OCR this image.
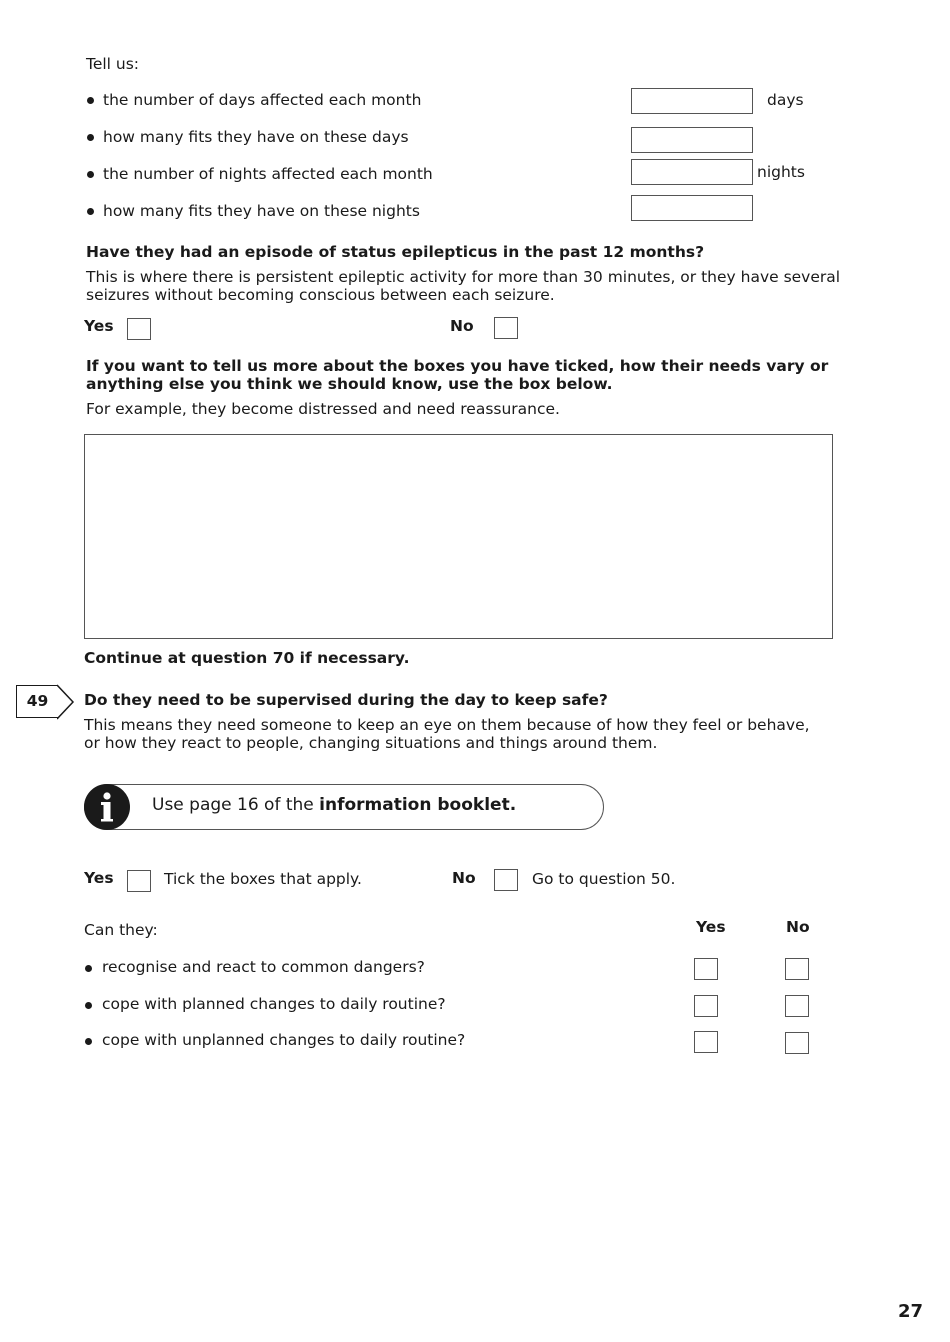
Tell us:
the number of days affected each month	days
how many fits they have on these days
the number of nights affected each month	nights
how many fits they have on these nights
Have they had an episode of status epilepticus in the past 12 months?
This is where there is persistent epileptic activity for more than 30 minutes, or they have several seizures without becoming conscious between each seizure.
Yes	No
If you want to tell us more about the boxes you have ticked, how their needs vary or anything else you think we should know, use the box below.
For example, they become distressed and need reassurance.
Continue at question 70 if necessary.
49	Do they need to be supervised during the day to keep safe?
This means they need someone to keep an eye on them because of how they feel or behave, or how they react to people, changing situations and things around them.
Use page 16 of the information booklet.
Yes	Tick the boxes that apply.	No	Go to question 50.
Can they:	Yes	No
recognise and react to common dangers?
cope with planned changes to daily routine?
cope with unplanned changes to daily routine?
27
